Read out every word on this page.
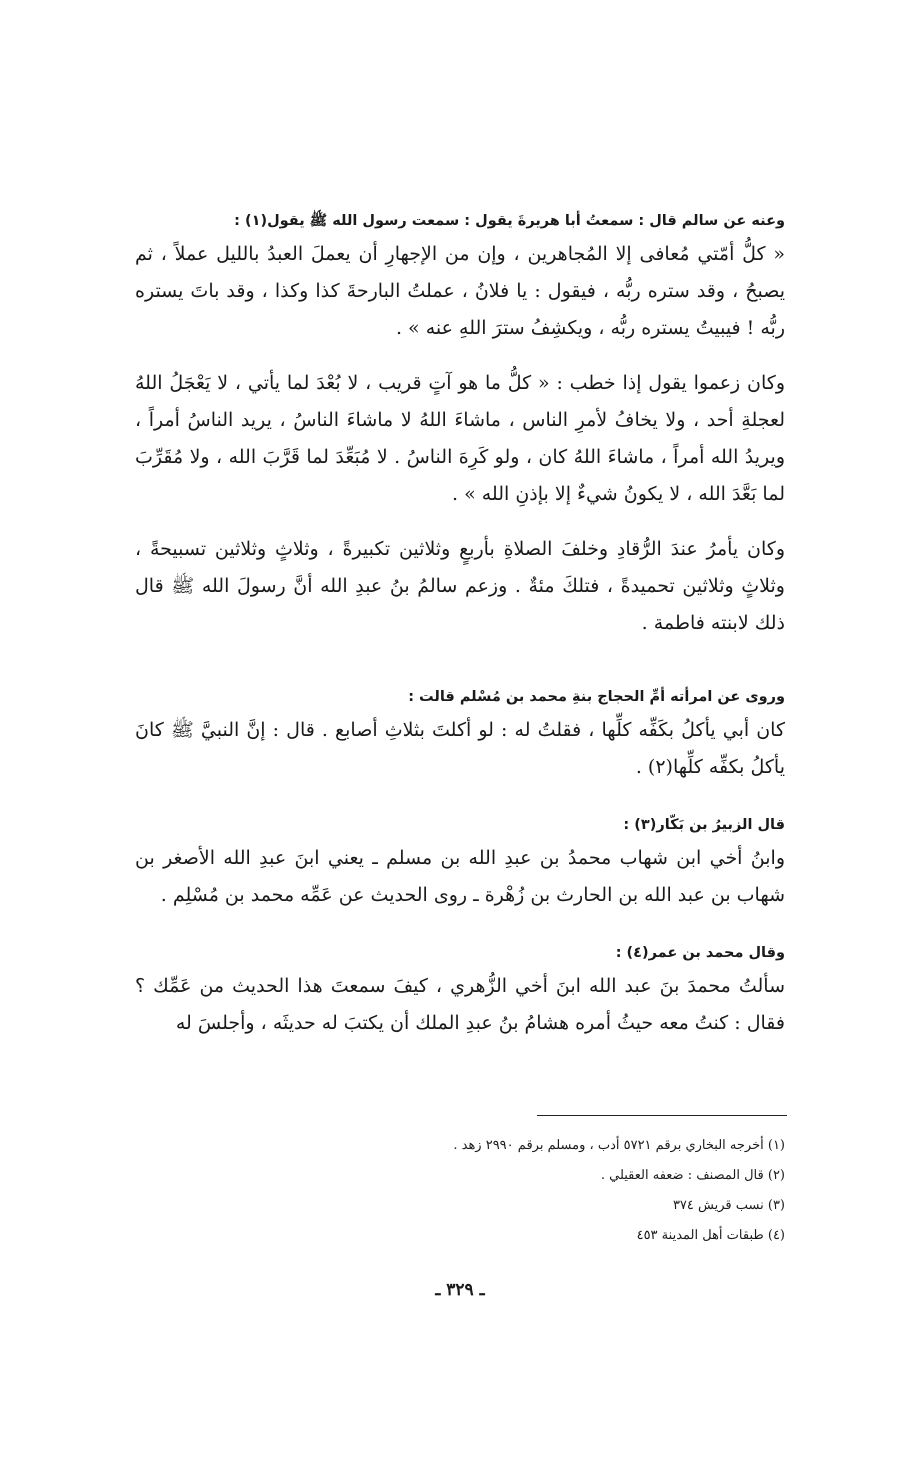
وعنه عن سالم قال : سمعتُ أبا هريرةَ يقول : سمعت رسول الله ﷺ يقول(١) :

« كلُّ أمّتي مُعافى إلا المُجاهرين ، وإن من الإجهارِ أن يعملَ العبدُ بالليل عملاً ، ثم يصبحُ ، وقد ستره ربُّه ، فيقول : يا فلانُ ، عملتُ البارحةَ كذا وكذا ، وقد باتَ يستره ربُّه ! فيبيتُ يستره ربُّه ، ويكشِفُ سترَ اللهِ عنه » .

وكان زعموا يقول إذا خطب : « كلُّ ما هو آتٍ قريب ، لا بُعْدَ لما يأتي ، لا يَعْجَلُ اللهُ لعجلةِ أحد ، ولا يخافُ لأمرِ الناس ، ماشاءَ اللهُ لا ماشاءَ الناسُ ، يريد الناسُ أمراً ، ويريدُ الله أمراً ، ماشاءَ اللهُ كان ، ولو كَرِهَ الناسُ . لا مُبَعِّدَ لما قَرَّبَ الله ، ولا مُقَرِّبَ لما بَعَّدَ الله ، لا يكونُ شيءٌ إلا بإذنِ الله » .

وكان يأمرُ عندَ الرُّقادِ وخلفَ الصلاةِ بأربعٍ وثلاثين تكبيرةً ، وثلاثٍ وثلاثين تسبيحةً ، وثلاثٍ وثلاثين تحميدةً ، فتلكَ مئةٌ . وزعم سالمُ بنُ عبدِ الله أنَّ رسولَ الله ﷺ قال ذلك لابنته فاطمة .

وروى عن امرأته أمِّ الحجاج بنةِ محمد بن مُسْلم قالت :

كان أبي يأكلُ بكَفِّه كلِّها ، فقلتُ له : لو أكلتَ بثلاثِ أصابع . قال : إنَّ النبيَّ ﷺ كانَ يأكلُ بكفِّه كلِّها(٢) .

قال الزبيرُ بن بَكّار(٣) :

وابنُ أخي ابن شهاب محمدُ بن عبدِ الله بن مسلم ـ يعني ابنَ عبدِ الله الأصغر بن شهاب بن عبد الله بن الحارث بن زُهْرة ـ روى الحديث عن عَمِّه محمد بن مُسْلِم .

وقال محمد بن عمر(٤) :

سألتُ محمدَ بنَ عبد الله ابنَ أخي الزُّهري ، كيفَ سمعتَ هذا الحديث من عَمِّك ؟ فقال : كنتُ معه حيثُ أمره هشامُ بنُ عبدِ الملك أن يكتبَ له حديثَه ، وأجلسَ له

(١) أخرجه البخاري برقم ٥٧٢١ أدب ، ومسلم برقم ٢٩٩٠ زهد .

(٢) قال المصنف : ضعفه العقيلي .

(٣) نسب قريش ٣٧٤

(٤) طبقات أهل المدينة ٤٥٣

ـ ٣٢٩ ـ
